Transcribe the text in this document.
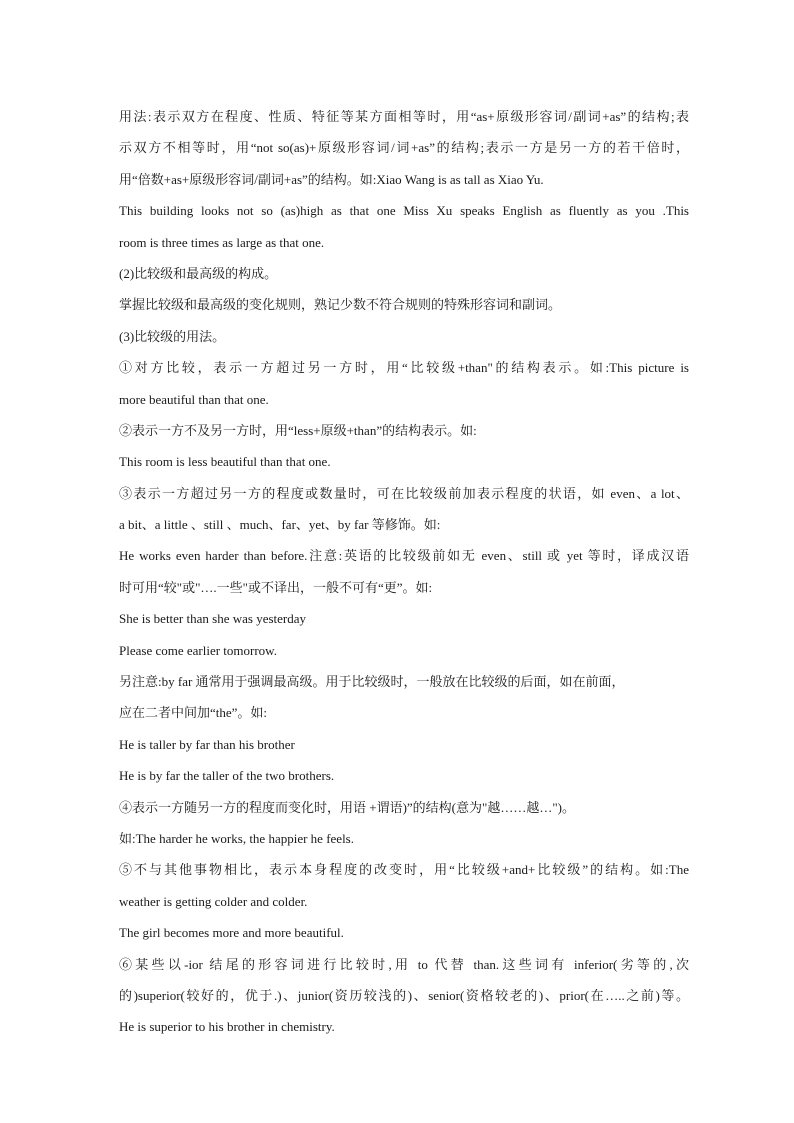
用法:表示双方在程度、性质、特征等某方面相等时，用“as+原级形容词/副词+as”的结构;表
示双方不相等时，用“not so(as)+原级形容词/词+as”的结构;表示一方是另一方的若干倍时，
用“倍数+as+原级形容词/副词+as”的结构。如:Xiao Wang is as tall as Xiao Yu.
This building looks not so (as)high as that one Miss Xu speaks English as fluently as you .This
room is three times as large as that one.
(2)比较级和最高级的构成。
掌握比较级和最高级的变化规则，熟记少数不符合规则的特殊形容词和副词。
(3)比较级的用法。
①对方比较，表示一方超过另一方时，用“比较级+than"的结构表示。如:This picture is
more beautiful than that one.
②表示一方不及另一方时，用“less+原级+than”的结构表示。如:
This room is less beautiful than that one.
③表示一方超过另一方的程度或数量时，可在比较级前加表示程度的状语，如 even、a lot、
a bit、a little 、still 、much、far、yet、by far 等修饰。如:
He works even harder than before.注意:英语的比较级前如无 even、still 或 yet 等时，译成汉语
时可用“较"或"….一些"或不译出，一般不可有“更”。如:
She is better than she was yesterday
Please come earlier tomorrow.
另注意:by far 通常用于强调最高级。用于比较级时，一般放在比较级的后面，如在前面，
应在二者中间加“the”。如:
He is taller by far than his brother
He is by far the taller of the two brothers.
④表示一方随另一方的程度而变化时，用语 +谓语)”的结构(意为"越……越…")。
如:The harder he works, the happier he feels.
⑤不与其他事物相比，表示本身程度的改变时，用“比较级+and+比较级”的结构。如:The
weather is getting colder and colder.
The girl becomes more and more beautiful.
⑥某些以-ior 结尾的形容词进行比较时,用 to 代替 than.这些词有 inferior(劣等的,次
的)superior(较好的，优于.)、junior(资历较浅的)、senior(资格较老的)、prior(在…..之前)等。
He is superior to his brother in chemistry.
